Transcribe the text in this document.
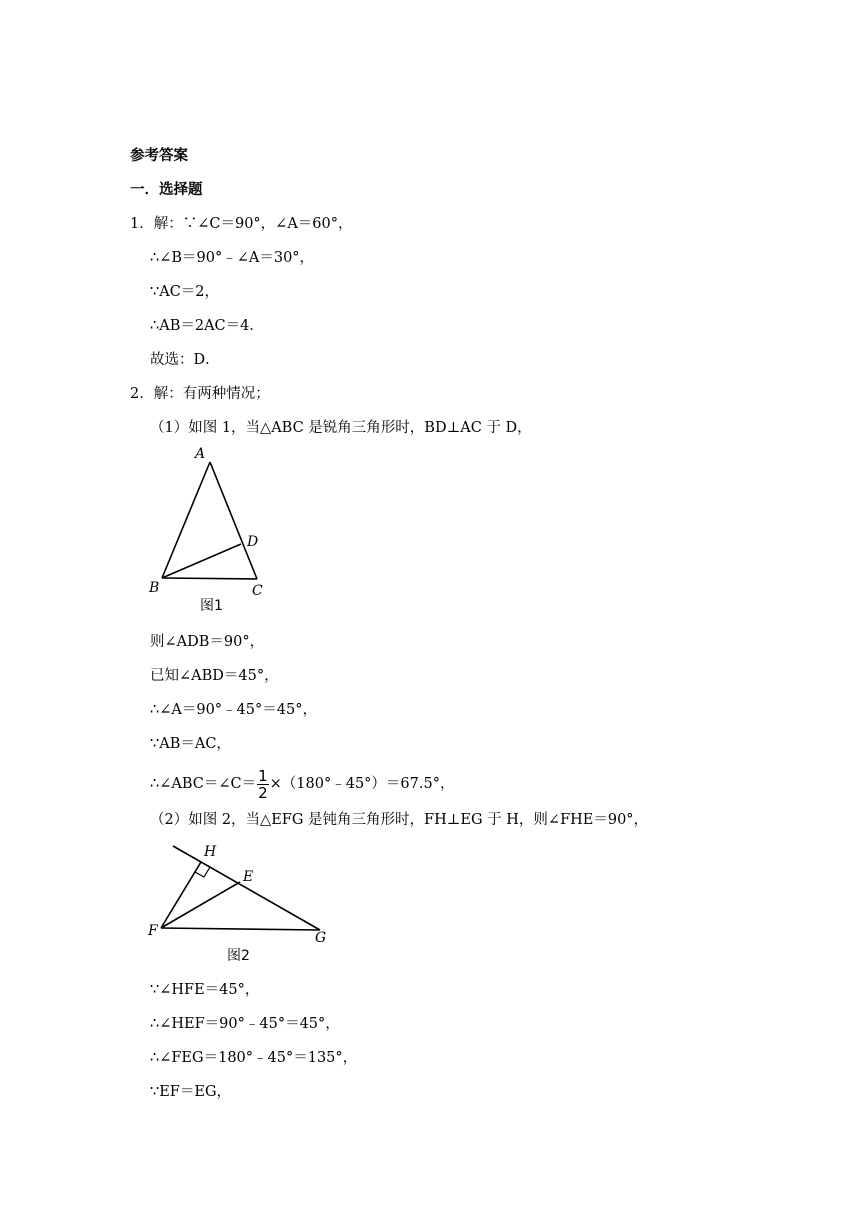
参考答案
一．选择题
1．解：∵∠C＝90°，∠A＝60°，
∴∠B＝90°﹣∠A＝30°，
∵AC＝2，
∴AB＝2AC＝4．
故选：D．
2．解：有两种情况；
（1）如图 1，当△ABC 是锐角三角形时，BD⊥AC 于 D，
A
B	C
D
图1
则∠ADB＝90°，
已知∠ABD＝45°，
∴∠A＝90°﹣45°＝45°，
∵AB＝AC，
∴∠ABC＝∠C＝ $\frac{1}{2}$ ×（180°﹣45°）＝67.5°，
（2）如图 2，当△EFG 是钝角三角形时，FH⊥EG 于 H，则∠FHE＝90°，
H
E
F	G
图2
∵∠HFE＝45°，
∴∠HEF＝90°﹣45°＝45°，
∴∠FEG＝180°﹣45°＝135°，
∵EF＝EG，
